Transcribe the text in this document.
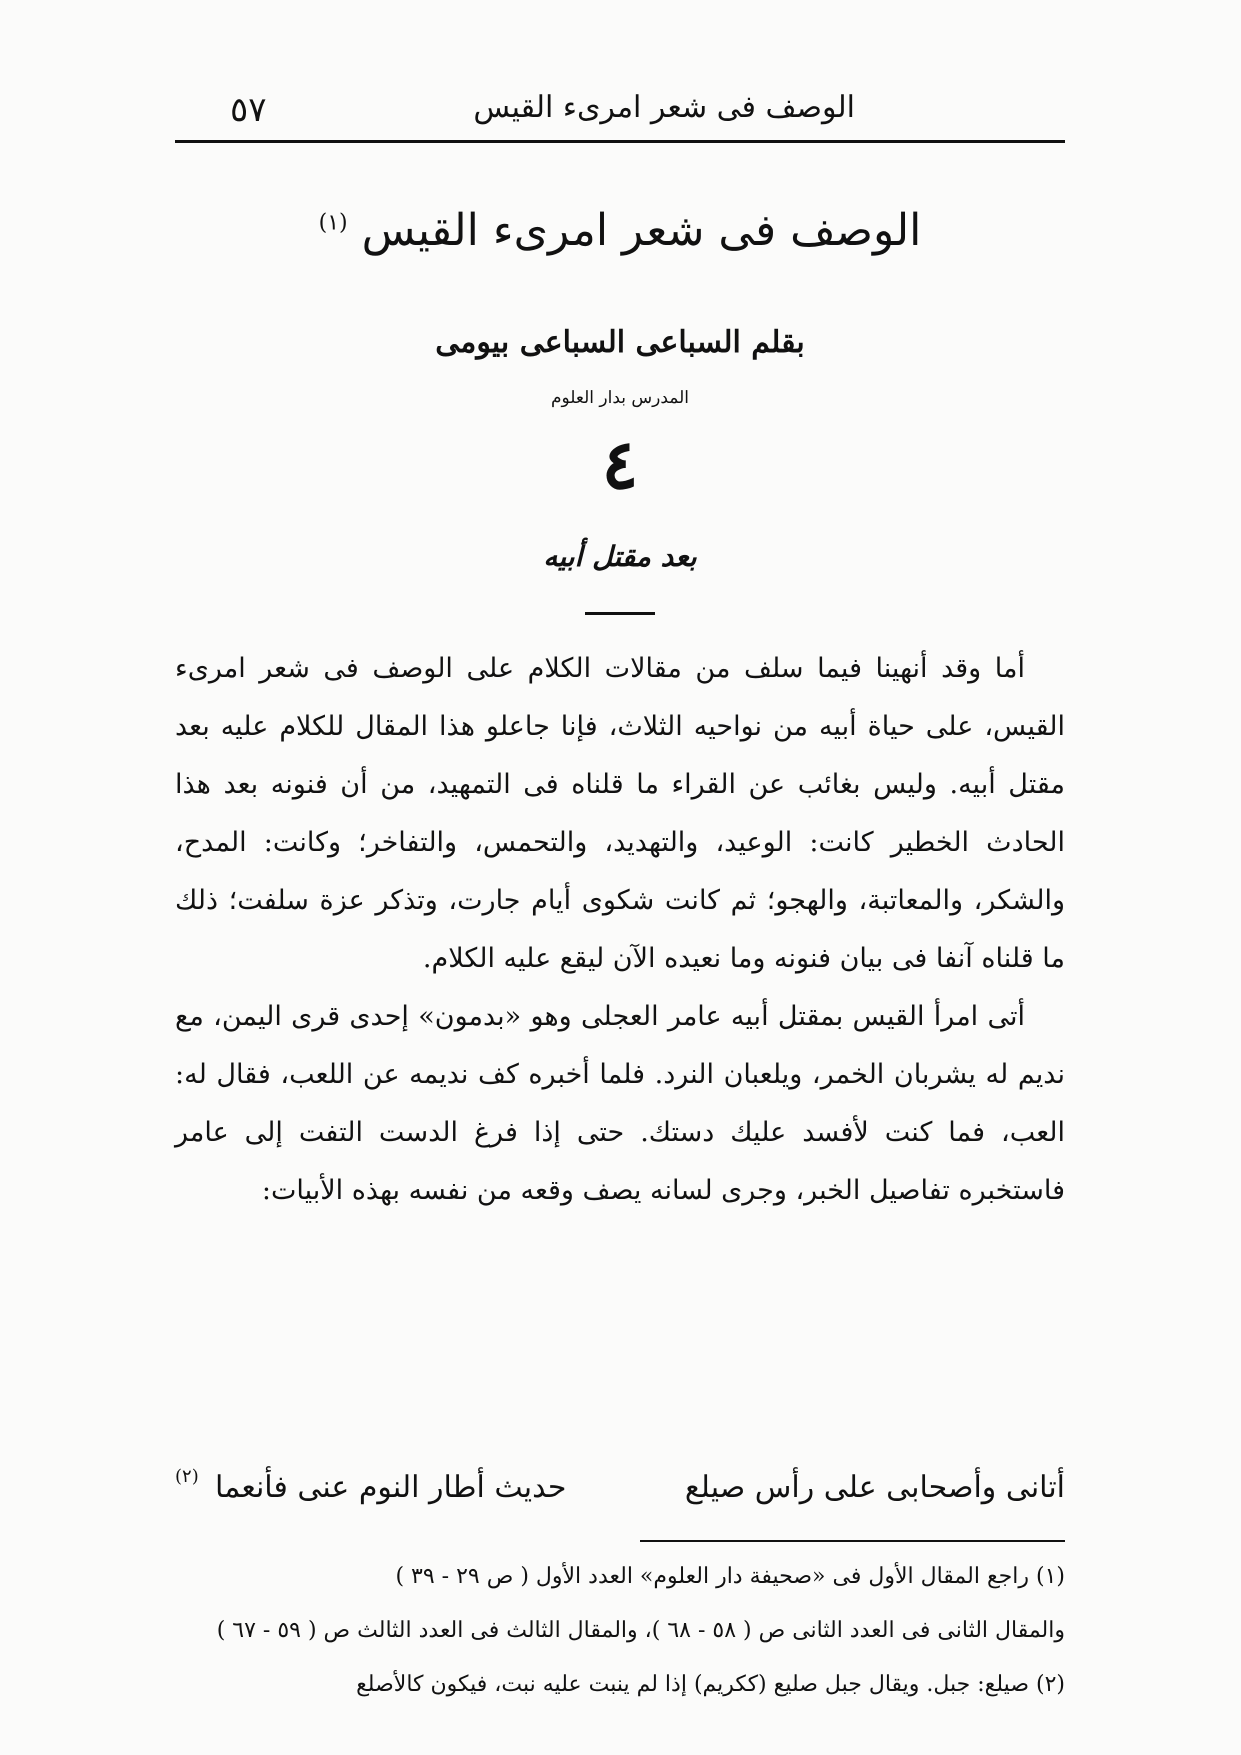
الوصف فى شعر امرىء القيس
٥٧
الوصف فى شعر امرىء القيس $^{(١)}$
بقلم السباعى السباعى بيومى
المدرس بدار العلوم
٤
بعد مقتل أبيه

أما وقد أنهينا فيما سلف من مقالات الكلام على الوصف فى شعر امرىء القيس، على حياة أبيه من نواحيه الثلاث، فإنا جاعلو هذا المقال للكلام عليه بعد مقتل أبيه. وليس بغائب عن القراء ما قلناه فى التمهيد، من أن فنونه بعد هذا الحادث الخطير كانت: الوعيد، والتهديد، والتحمس، والتفاخر؛ وكانت: المدح، والشكر، والمعاتبة، والهجو؛ ثم كانت شكوى أيام جارت، وتذكر عزة سلفت؛ ذلك ما قلناه آنفا فى بيان فنونه وما نعيده الآن ليقع عليه الكلام.

أتى امرأ القيس بمقتل أبيه عامر العجلى وهو «بدمون» إحدى قرى اليمن، مع نديم له يشربان الخمر، ويلعبان النرد. فلما أخبره كف نديمه عن اللعب، فقال له: العب، فما كنت لأفسد عليك دستك. حتى إذا فرغ الدست التفت إلى عامر فاستخبره تفاصيل الخبر، وجرى لسانه يصف وقعه من نفسه بهذه الأبيات:

أتانى وأصحابى على رأس صيلع
حديث أطار النوم عنى فأنعما
(٢)
(١) راجع المقال الأول فى «صحيفة دار العلوم» العدد الأول ( ص ٢٩ - ٣٩ )
والمقال الثانى فى العدد الثانى ص ( ٥٨ - ٦٨ )، والمقال الثالث فى العدد الثالث ص ( ٥٩ - ٦٧ )
(٢) صيلع: جبل. ويقال جبل صليع (ككريم) إذا لم ينبت عليه نبت، فيكون كالأصلع
